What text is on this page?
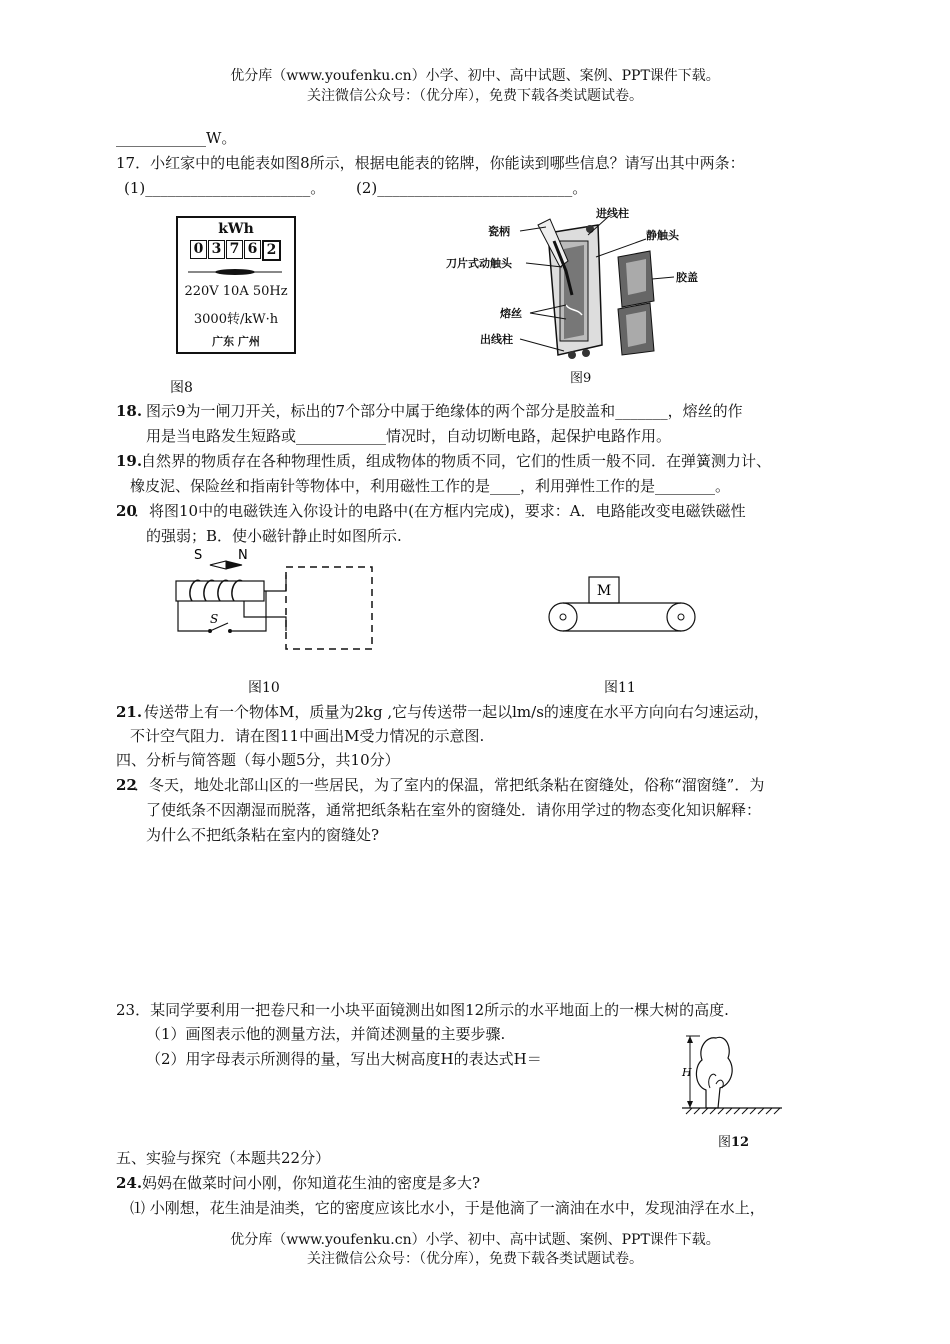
优分库（www.youfenku.cn）小学、初中、高中试题、案例、PPT课件下载。
关注微信公众号：（优分库），免费下载各类试题试卷。
____________W。
17．小红家中的电能表如图8所示，根据电能表的铭牌，你能读到哪些信息？请写出其中两条：
(1)______________________。 (2)__________________________。
kWh
0 3 7 6 2
220V 10A 50Hz
3000转/kW·h
广东 广州
图8
瓷柄
进线柱
静触头
刀片式动触头
胶盖
熔丝
出线柱
图9
18. 图示9为一闸刀开关，标出的7个部分中属于绝缘体的两个部分是胶盖和_______，熔丝的作
用是当电路发生短路或____________情况时，自动切断电路，起保护电路作用。
19.
自然界的物质存在各种物理性质，组成物体的物质不同，它们的性质一般不同．在弹簧测力计、
橡皮泥、保险丝和指南针等物体中，利用磁性工作的是____，利用弹性工作的是________。
20
．将图10中的电磁铁连入你设计的电路中(在方框内完成)，要求：A．电路能改变电磁铁磁性
的强弱；B．使小磁针静止时如图所示.
S	N
S
图10
M
图11
21. 传送带上有一个物体M，质量为2kg ,它与传送带一起以lm/s的速度在水平方向向右匀速运动，
不计空气阻力．请在图11中画出M受力情况的示意图.
四、分析与简答题（每小题5分，共10分）
22
．冬天，地处北部山区的一些居民，为了室内的保温，常把纸条粘在窗缝处，俗称“溜窗缝”．为
了使纸条不因潮湿而脱落，通常把纸条粘在室外的窗缝处．请你用学过的物态变化知识解释：
为什么不把纸条粘在室内的窗缝处?
23．某同学要利用一把卷尺和一小块平面镜测出如图12所示的水平地面上的一棵大树的高度.
（1）画图表示他的测量方法，并简述测量的主要步骤.
（2）用字母表示所测得的量，写出大树高度H的表达式H＝
H
图12
五、实验与探究（本题共22分）
24. 妈妈在做菜时问小刚，你知道花生油的密度是多大?
⑴ 小刚想，花生油是油类，它的密度应该比水小，于是他滴了一滴油在水中，发现油浮在水上，
优分库（www.youfenku.cn）小学、初中、高中试题、案例、PPT课件下载。
关注微信公众号：（优分库），免费下载各类试题试卷。
